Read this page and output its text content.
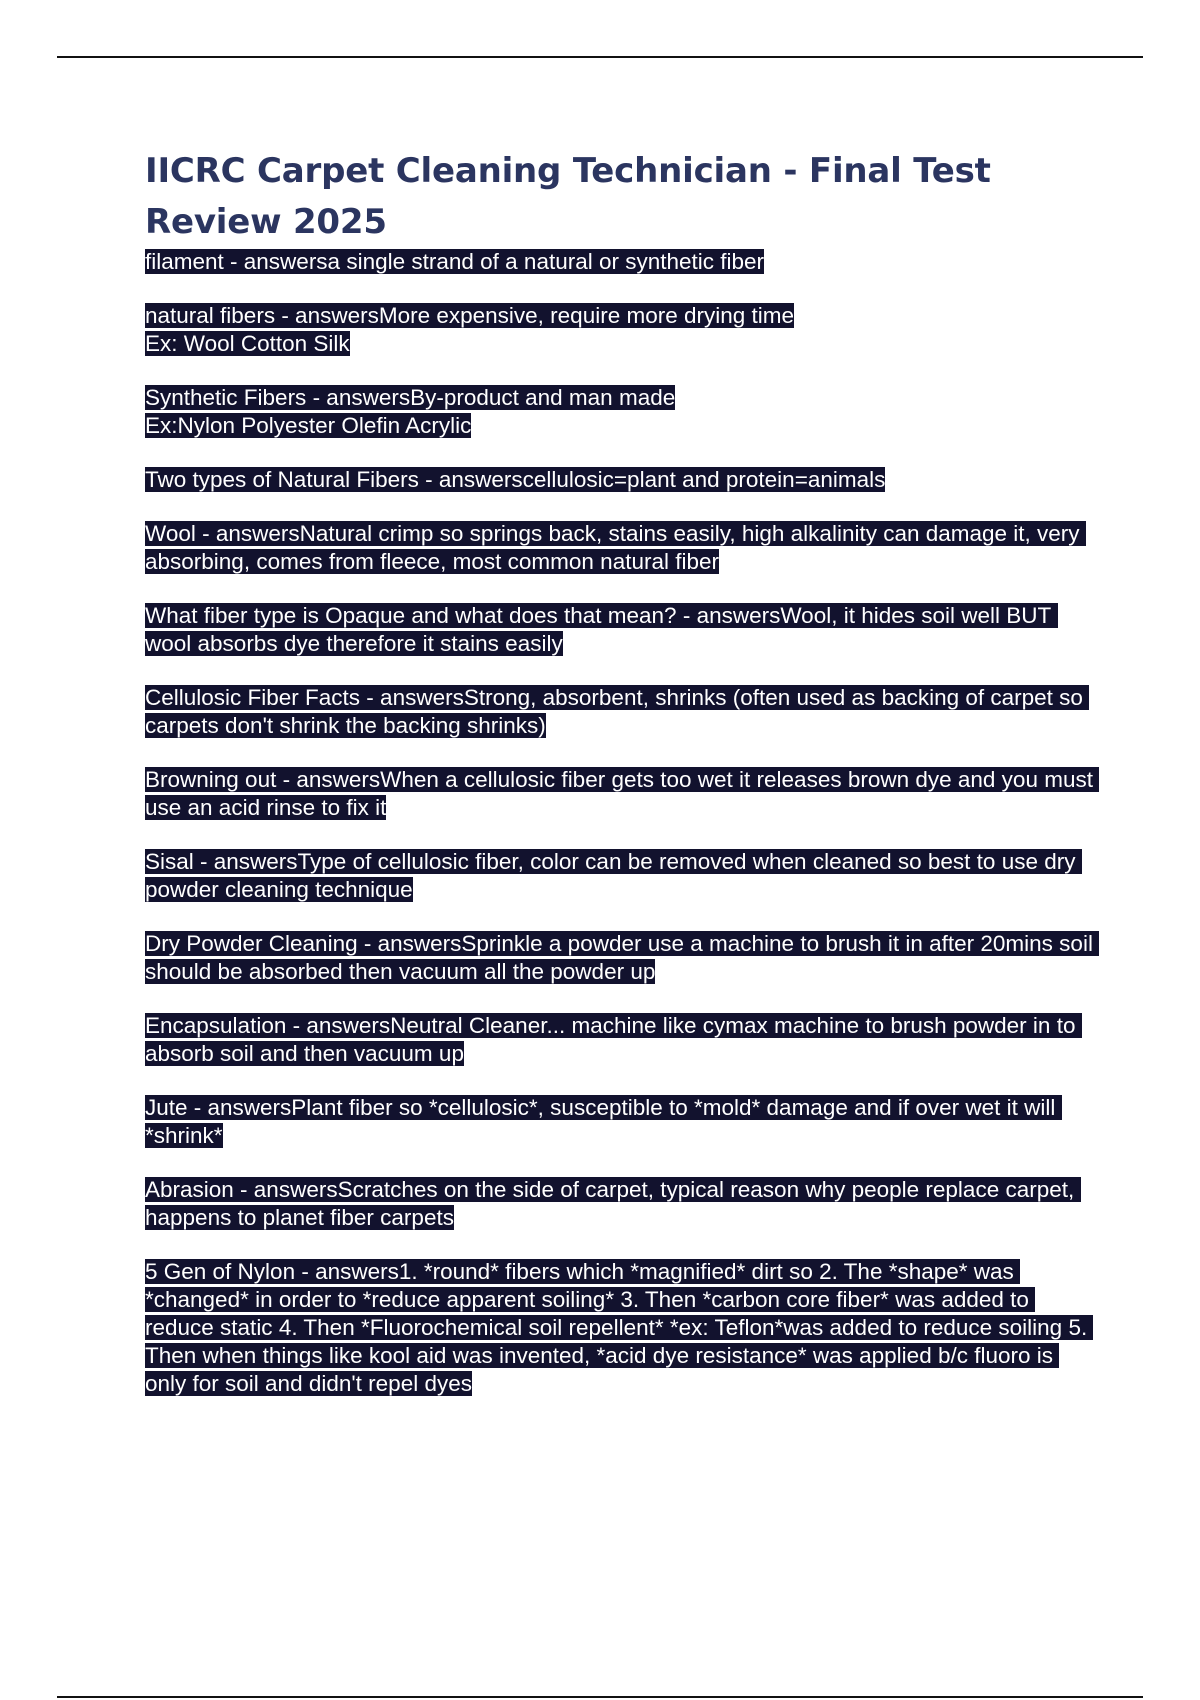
IICRC Carpet Cleaning Technician - Final Test Review 2025
filament - answersa single strand of a natural or synthetic fiber
natural fibers - answersMore expensive, require more drying time
Ex: Wool Cotton Silk
Synthetic Fibers - answersBy-product and man made
Ex:Nylon Polyester Olefin Acrylic
Two types of Natural Fibers - answerscellulosic=plant and protein=animals
Wool - answersNatural crimp so springs back, stains easily, high alkalinity can damage it, very absorbing, comes from fleece, most common natural fiber
What fiber type is Opaque and what does that mean? - answersWool, it hides soil well BUT wool absorbs dye therefore it stains easily
Cellulosic Fiber Facts - answersStrong, absorbent, shrinks (often used as backing of carpet so carpets don't shrink the backing shrinks)
Browning out - answersWhen a cellulosic fiber gets too wet it releases brown dye and you must use an acid rinse to fix it
Sisal - answersType of cellulosic fiber, color can be removed when cleaned so best to use dry powder cleaning technique
Dry Powder Cleaning - answersSprinkle a powder use a machine to brush it in after 20mins soil should be absorbed then vacuum all the powder up
Encapsulation - answersNeutral Cleaner... machine like cymax machine to brush powder in to absorb soil and then vacuum up
Jute - answersPlant fiber so *cellulosic*, susceptible to *mold* damage and if over wet it will *shrink*
Abrasion - answersScratches on the side of carpet, typical reason why people replace carpet, happens to planet fiber carpets
5 Gen of Nylon - answers1. *round* fibers which *magnified* dirt so 2. The *shape* was *changed* in order to *reduce apparent soiling* 3. Then *carbon core fiber* was added to reduce static 4. Then *Fluorochemical soil repellent* *ex: Teflon*was added to reduce soiling 5. Then when things like kool aid was invented, *acid dye resistance* was applied b/c fluoro is only for soil and didn't repel dyes
